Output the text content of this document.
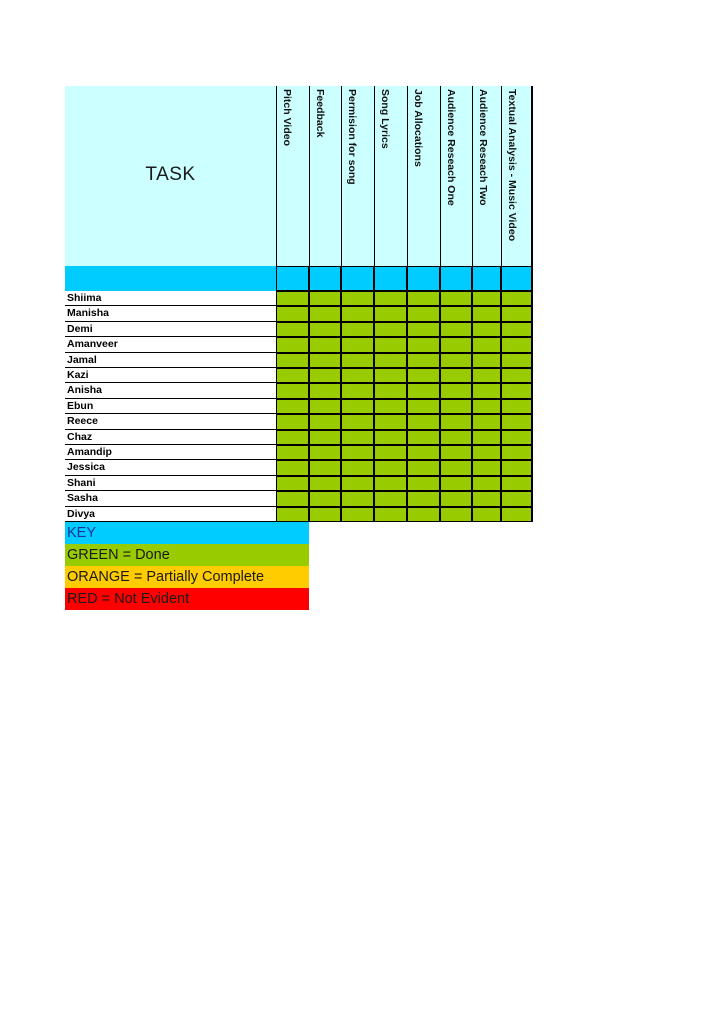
TASK
Pitch Video Feedback Permision for song Song Lyrics Job Allocations Audience Reseach One Audience Reseach Two Textual Analysis - Music Video
Shiima
Manisha
Demi
Amanveer
Jamal
Kazi
Anisha
Ebun
Reece
Chaz
Amandip
Jessica
Shani
Sasha
Divya
KEY
GREEN = Done
ORANGE = Partially Complete
RED = Not Evident
